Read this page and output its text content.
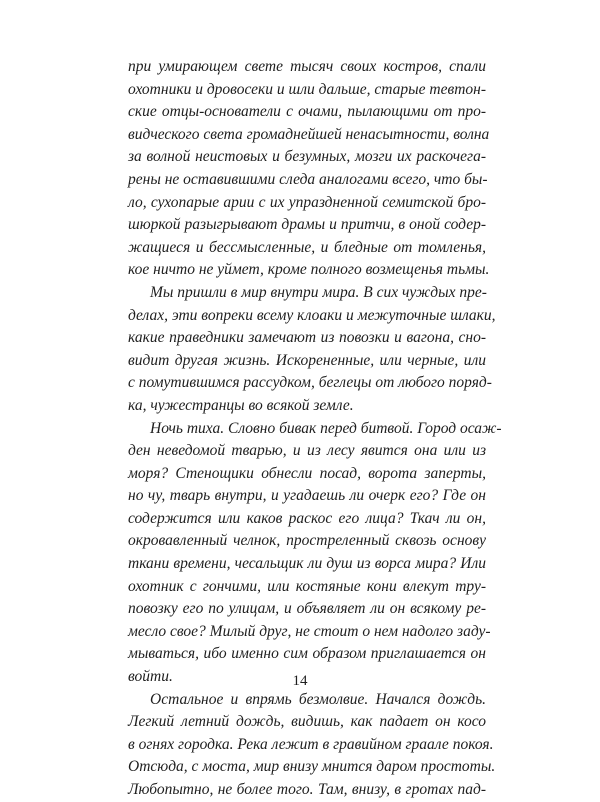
при умирающем свете тысяч своих костров, спали
охотники и дровосеки и шли дальше, старые тевтон-
ские отцы-основатели с очами, пылающими от про-
видческого света громаднейшей ненасытности, волна
за волной неистовых и безумных, мозги их раскочега-
рены не оставившими следа аналогами всего, что бы-
ло, сухопарые арии с их упраздненной семитской бро-
шюркой разыгрывают драмы и притчи, в оной содер-
жащиеся и бессмысленные, и бледные от томленья,
кое ничто не уймет, кроме полного возмещенья тьмы.
Мы пришли в мир внутри мира. В сих чуждых пре-
делах, эти вопреки всему клоаки и межуточные шлаки,
какие праведники замечают из повозки и вагона, сно-
видит другая жизнь. Искорененные, или черные, или
с помутившимся рассудком, беглецы от любого поряд-
ка, чужестранцы во всякой земле.
Ночь тиха. Словно бивак перед битвой. Город осаж-
ден неведомой тварью, и из лесу явится она или из
моря? Стенощики обнесли посад, ворота заперты,
но чу, тварь внутри, и угадаешь ли очерк его? Где он
содержится или каков раскос его лица? Ткач ли он,
окровавленный челнок, простреленный сквозь основу
ткани времени, чесальщик ли душ из ворса мира? Или
охотник с гончими, или костяные кони влекут тру-
повозку его по улицам, и объявляет ли он всякому ре-
месло свое? Милый друг, не стоит о нем надолго заду-
мываться, ибо именно сим образом приглашается он
войти.
Остальное и впрямь безмолвие. Начался дождь.
Легкий летний дождь, видишь, как падает он косо
в огнях городка. Река лежит в гравийном граале покоя.
Отсюда, с моста, мир внизу мнится даром простоты.
Любопытно, не более того. Там, внизу, в гротах пад-
14
